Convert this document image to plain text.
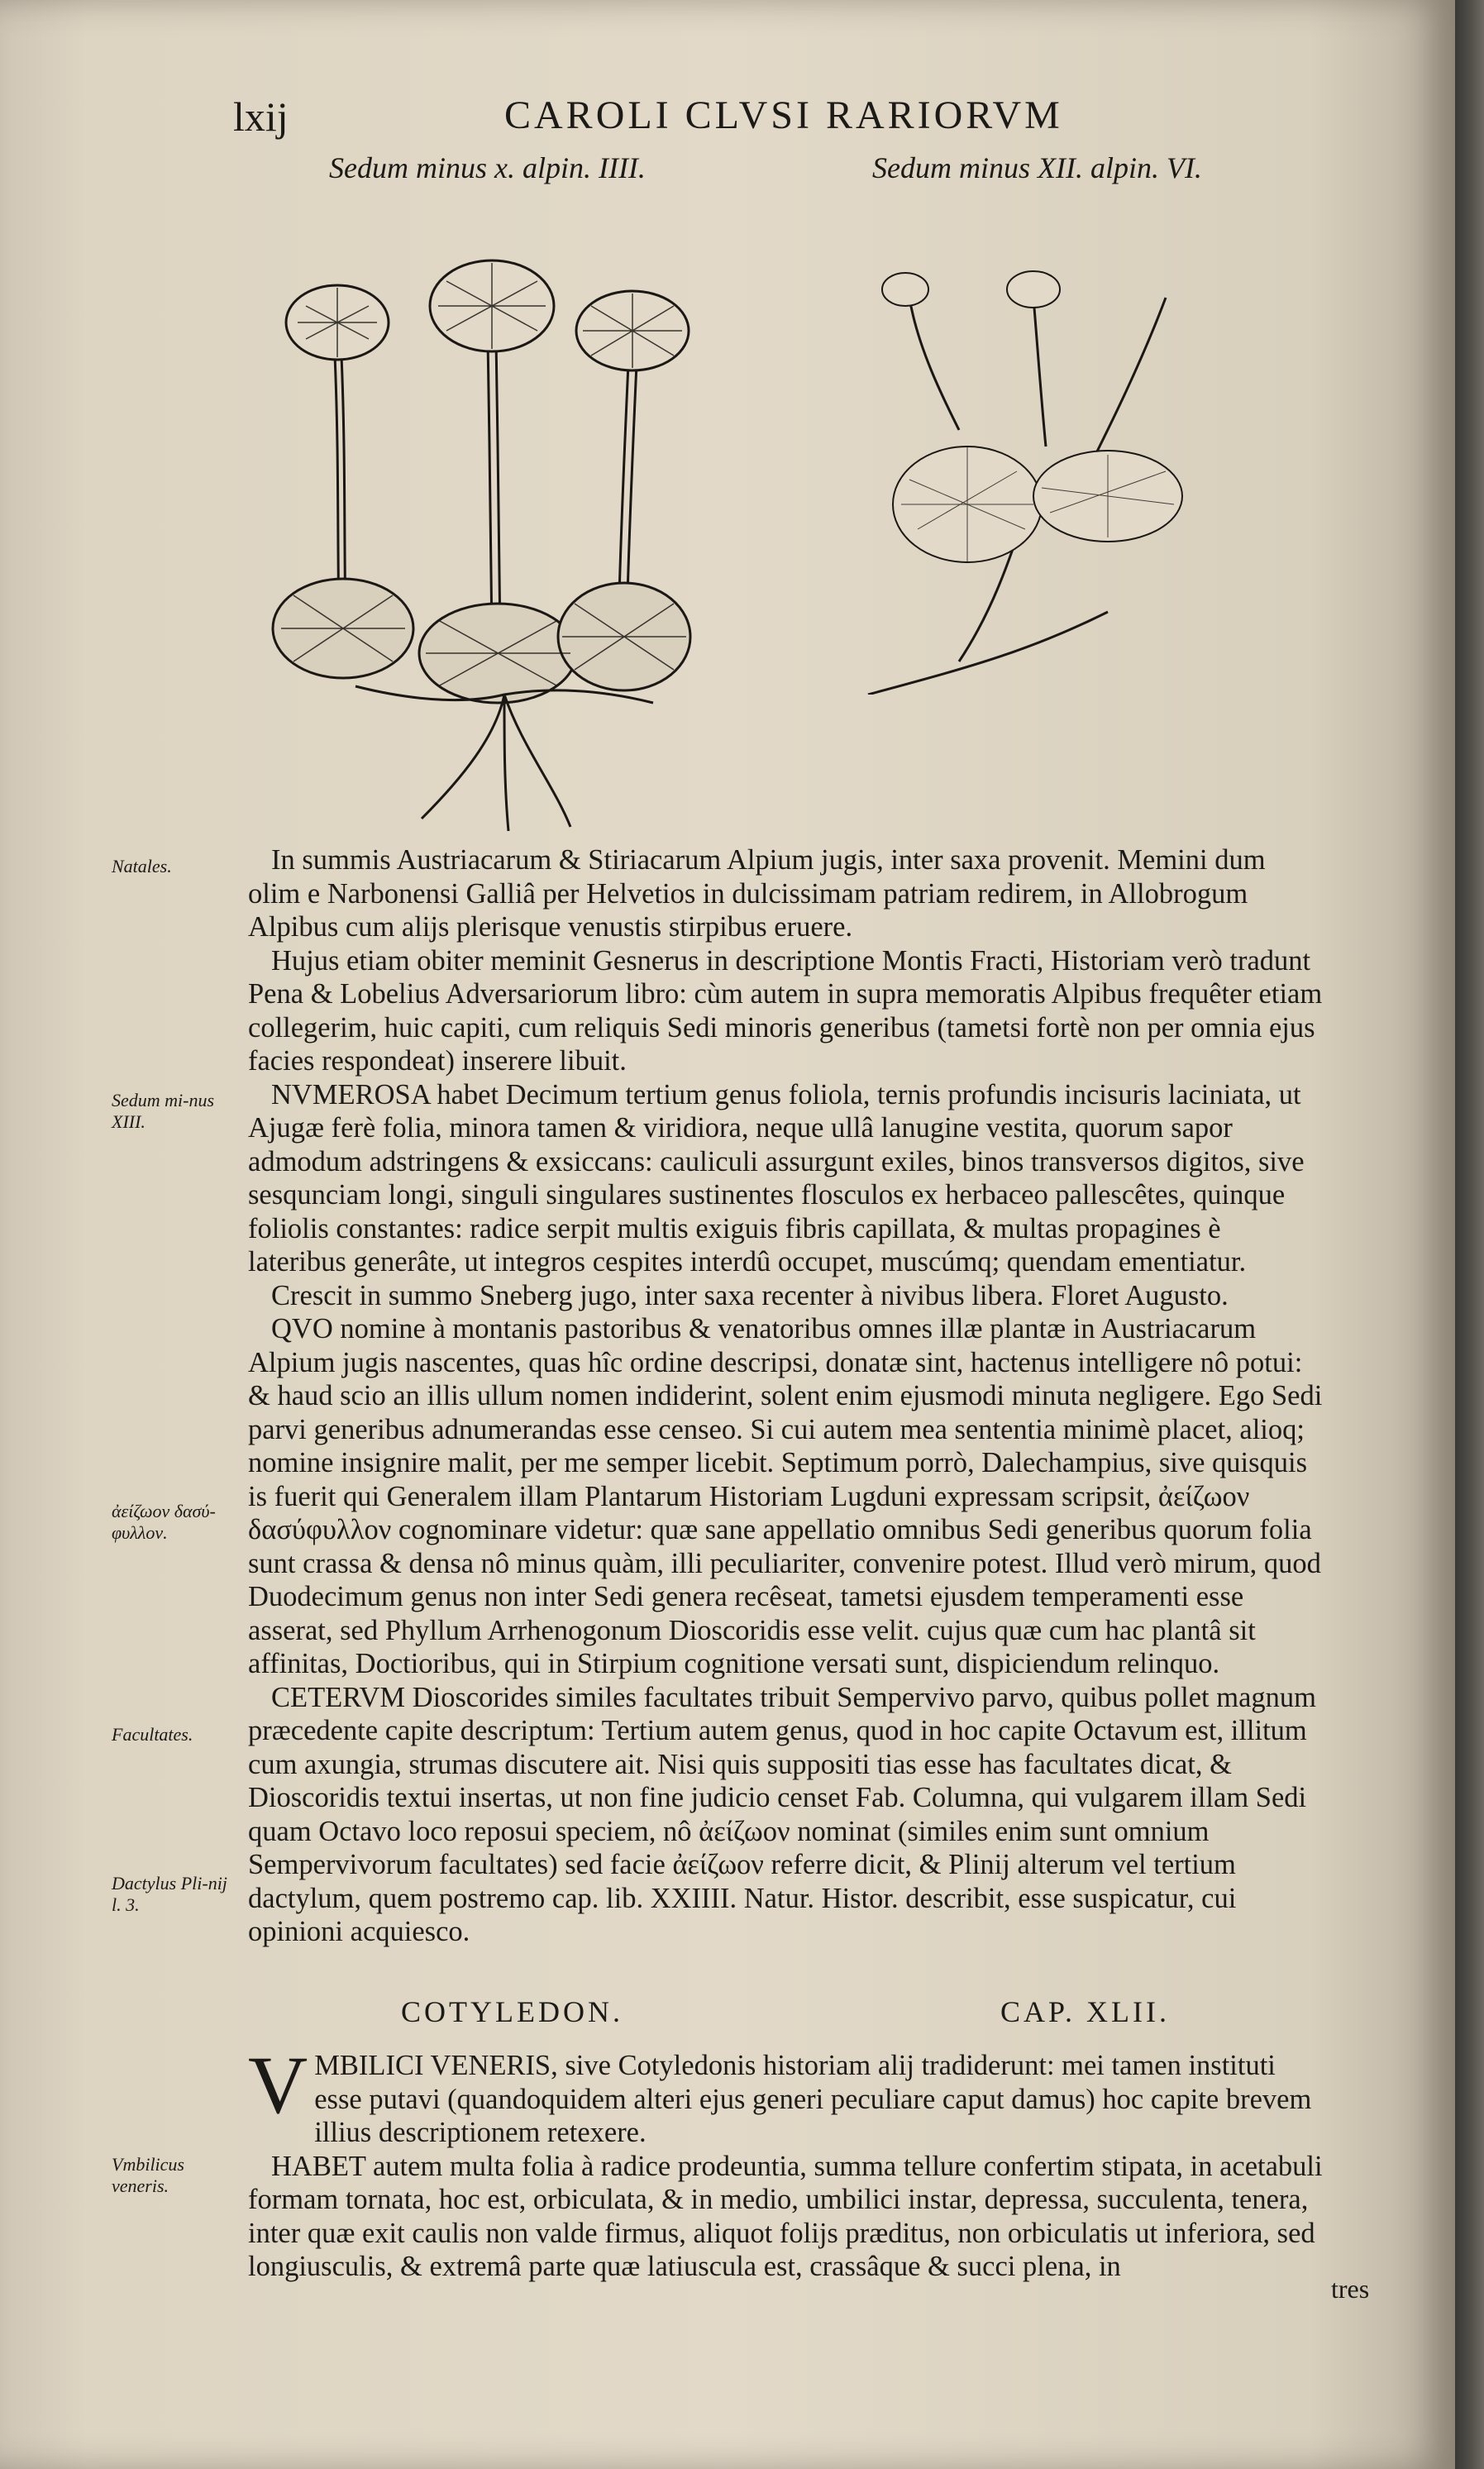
lxij	CAROLI CLVSI RARIORVM
Sedum minus x. alpin. IIII.	Sedum minus XII. alpin. VI.
Natales.
Sedum mi-nus XIII.
ἀείζωον δασύ-φυλλον.
Facultates.
Dactylus Pli-nij l. 3.
Vmbilicus veneris.

In summis Austriacarum & Stiriacarum Alpium jugis, inter saxa provenit. Memini dum olim e Narbonensi Galliâ per Helvetios in dulcissimam patriam redirem, in Allobrogum Alpibus cum alijs plerisque venustis stirpibus eruere.

Hujus etiam obiter meminit Gesnerus in descriptione Montis Fracti, Historiam verò tradunt Pena & Lobelius Adversariorum libro: cùm autem in supra memoratis Alpibus frequêter etiam collegerim, huic capiti, cum reliquis Sedi minoris generibus (tametsi fortè non per omnia ejus facies respondeat) inserere libuit.

NVMEROSA habet Decimum tertium genus foliola, ternis profundis incisuris laciniata, ut Ajugæ ferè folia, minora tamen & viridiora, neque ullâ lanugine vestita, quorum sapor admodum adstringens & exsiccans: cauliculi assurgunt exiles, binos transversos digitos, sive sesqunciam longi, singuli singulares sustinentes flosculos ex herbaceo pallescêtes, quinque foliolis constantes: radice serpit multis exiguis fibris capillata, & multas propagines è lateribus generâte, ut integros cespites interdû occupet, muscúmq; quendam ementiatur.

Crescit in summo Sneberg jugo, inter saxa recenter à nivibus libera. Floret Augusto.

QVO nomine à montanis pastoribus & venatoribus omnes illæ plantæ in Austriacarum Alpium jugis nascentes, quas hîc ordine descripsi, donatæ sint, hactenus intelligere nô potui: & haud scio an illis ullum nomen indiderint, solent enim ejusmodi minuta negligere. Ego Sedi parvi generibus adnumerandas esse censeo. Si cui autem mea sententia minimè placet, alioq; nomine insignire malit, per me semper licebit. Septimum porrò, Dalechampius, sive quisquis is fuerit qui Generalem illam Plantarum Historiam Lugduni expressam scripsit, ἀείζωον δασύφυλλον cognominare videtur: quæ sane appellatio omnibus Sedi generibus quorum folia sunt crassa & densa nô minus quàm, illi peculiariter, convenire potest. Illud verò mirum, quod Duodecimum genus non inter Sedi genera recêseat, tametsi ejusdem temperamenti esse asserat, sed Phyllum Arrhenogonum Dioscoridis esse velit. cujus quæ cum hac plantâ sit affinitas, Doctioribus, qui in Stirpium cognitione versati sunt, dispiciendum relinquo.

CETERVM Dioscorides similes facultates tribuit Sempervivo parvo, quibus pollet magnum præcedente capite descriptum: Tertium autem genus, quod in hoc capite Octavum est, illitum cum axungia, strumas discutere ait. Nisi quis suppositi tias esse has facultates dicat, & Dioscoridis textui insertas, ut non fine judicio censet Fab. Columna, qui vulgarem illam Sedi quam Octavo loco reposui speciem, nô ἀείζωον nominat (similes enim sunt omnium Sempervivorum facultates) sed facie ἀείζωον referre dicit, & Plinij alterum vel tertium dactylum, quem postremo cap. lib. XXIIII. Natur. Histor. describit, esse suspicatur, cui opinioni acquiesco.

COTYLEDON.	CAP. XLII.

V MBILICI VENERIS, sive Cotyledonis historiam alij tradiderunt: mei tamen instituti esse putavi (quandoquidem alteri ejus generi peculiare caput damus) hoc capite brevem illius descriptionem retexere.

HABET autem multa folia à radice prodeuntia, summa tellure confertim stipata, in acetabuli formam tornata, hoc est, orbiculata, & in medio, umbilici instar, depressa, succulenta, tenera, inter quæ exit caulis non valde firmus, aliquot folijs præditus, non orbiculatis ut inferiora, sed longiusculis, & extremâ parte quæ latiuscula est, crassâque & succi plena, in

tres
